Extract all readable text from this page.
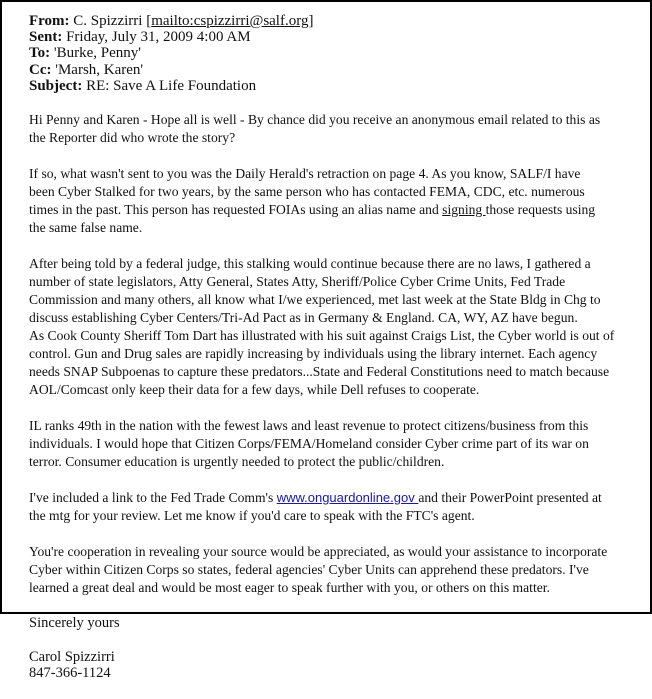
From: C. Spizzirri [mailto:cspizzirri@salf.org]
Sent: Friday, July 31, 2009 4:00 AM
To: 'Burke, Penny'
Cc: 'Marsh, Karen'
Subject: RE: Save A Life Foundation
Hi Penny and Karen - Hope all is well - By chance did you receive an anonymous email related to this as
the Reporter did who wrote the story?
If so, what wasn't sent to you was the Daily Herald's retraction on page 4. As you know, SALF/I have
been Cyber Stalked for two years, by the same person who has contacted FEMA, CDC, etc. numerous
times in the past. This person has requested FOIAs using an alias name and signing those requests using
the same false name.
After being told by a federal judge, this stalking would continue because there are no laws, I gathered a
number of state legislators, Atty General, States Atty, Sheriff/Police Cyber Crime Units, Fed Trade
Commission and many others, all know what I/we experienced, met last week at the State Bldg in Chg to
discuss establishing Cyber Centers/Tri-Ad Pact as in Germany & England. CA, WY, AZ have begun.
As Cook County Sheriff Tom Dart has illustrated with his suit against Craigs List, the Cyber world is out of
control. Gun and Drug sales are rapidly increasing by individuals using the library internet. Each agency
needs SNAP Subpoenas to capture these predators...State and Federal Constitutions need to match because
AOL/Comcast only keep their data for a few days, while Dell refuses to cooperate.
IL ranks 49th in the nation with the fewest laws and least revenue to protect citizens/business from this
individuals. I would hope that Citizen Corps/FEMA/Homeland consider Cyber crime part of its war on
terror. Consumer education is urgently needed to protect the public/children.
I've included a link to the Fed Trade Comm's www.onguardonline.gov and their PowerPoint presented at
the mtg for your review. Let me know if you'd care to speak with the FTC's agent.
You're cooperation in revealing your source would be appreciated, as would your assistance to incorporate
Cyber within Citizen Corps so states, federal agencies' Cyber Units can apprehend these predators. I've
learned a great deal and would be most eager to speak further with you, or others on this matter.
Sincerely yours
Carol Spizzirri
847-366-1124
